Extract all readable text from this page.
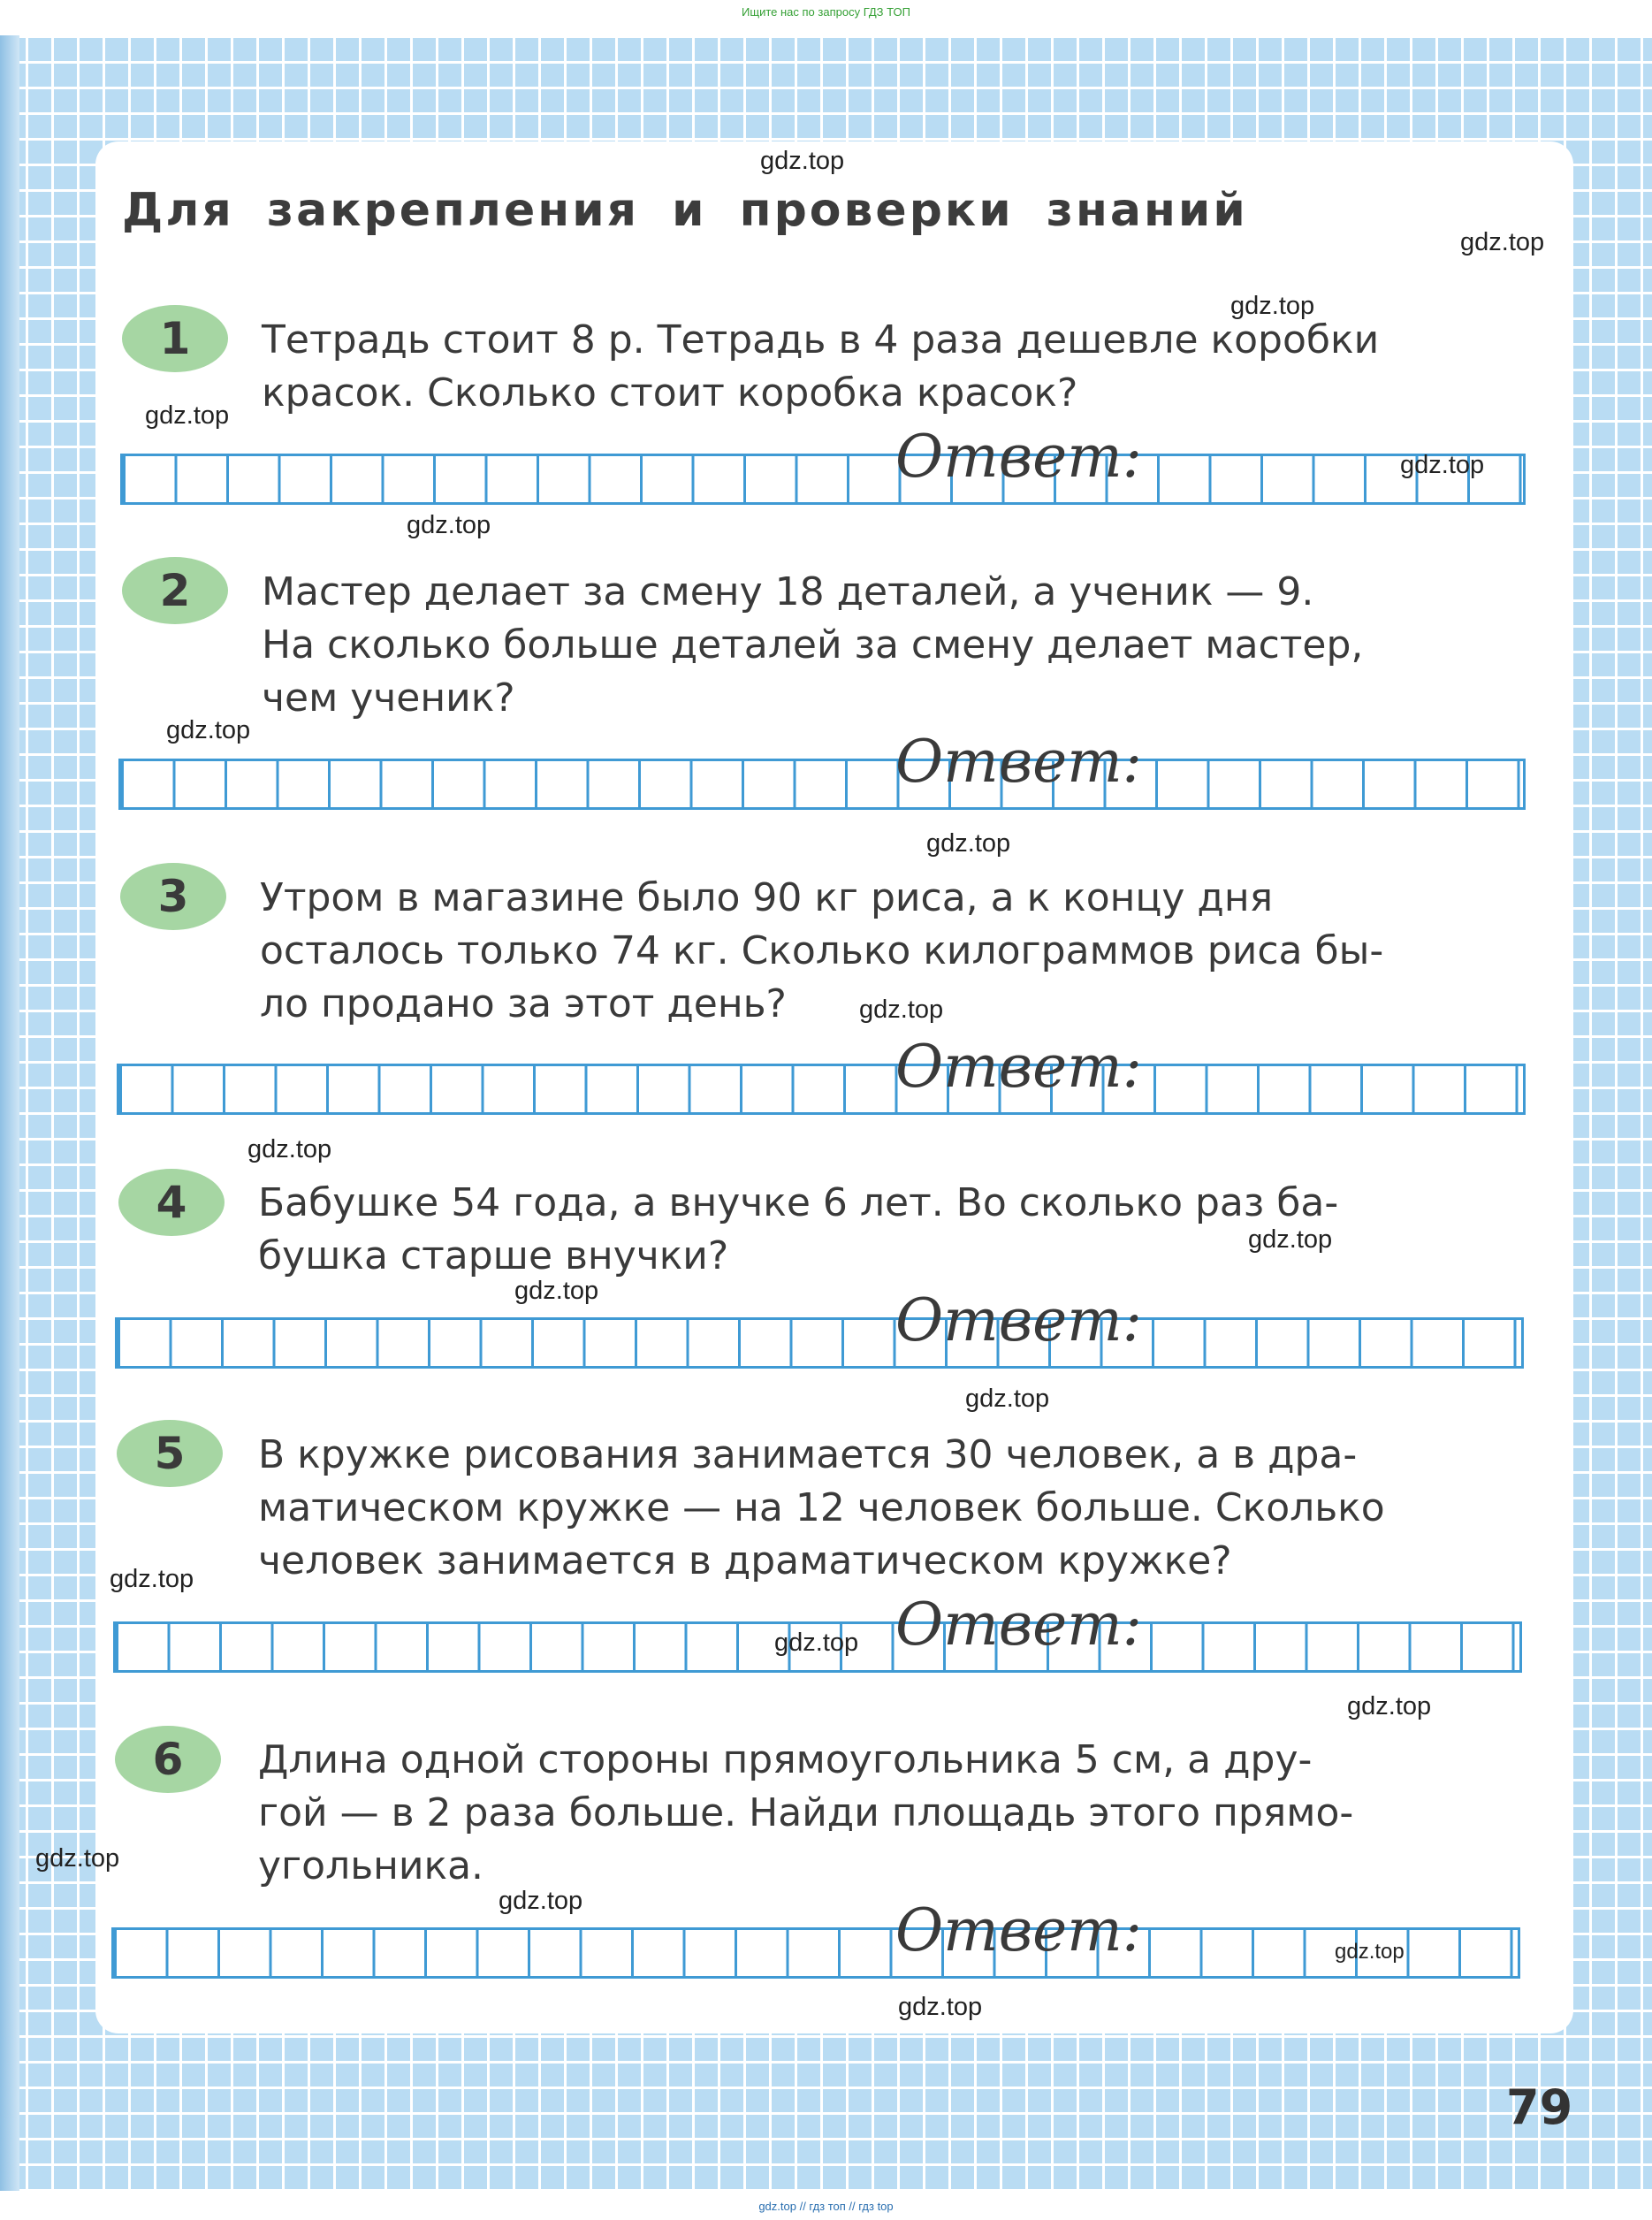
Ищите нас по запросу ГДЗ ТОП
Для закрепления и проверки знаний
1	Тетрадь стоит 8 р. Тетрадь в 4 раза дешевле коробки
красок. Сколько стоит коробка красок?

Ответ:
2	Мастер делает за смену 18 деталей, а ученик — 9.
На сколько больше деталей за смену делает мастер,
чем ученик?

Ответ:
3	Утром в магазине было 90 кг риса, а к концу дня
осталось только 74 кг. Сколько килограммов риса бы-
ло продано за этот день?

Ответ:
4	Бабушке 54 года, а внучке 6 лет. Во сколько раз ба-
бушка старше внучки?

Ответ:
5	В кружке рисования занимается 30 человек, а в дра-
матическом кружке — на 12 человек больше. Сколько
человек занимается в драматическом кружке?

Ответ:
6	Длина одной стороны прямоугольника 5 см, а дру-
гой — в 2 раза больше. Найди площадь этого прямо-
угольника.

Ответ:
gdz.top
gdz.top
gdz.top
gdz.top
gdz.top
gdz.top
gdz.top
gdz.top
gdz.top
gdz.top
gdz.top
gdz.top
gdz.top
gdz.top
gdz.top
gdz.top
gdz.top
gdz.top
gdz.top
gdz.top
79
gdz.top // гдз топ // гдз top
